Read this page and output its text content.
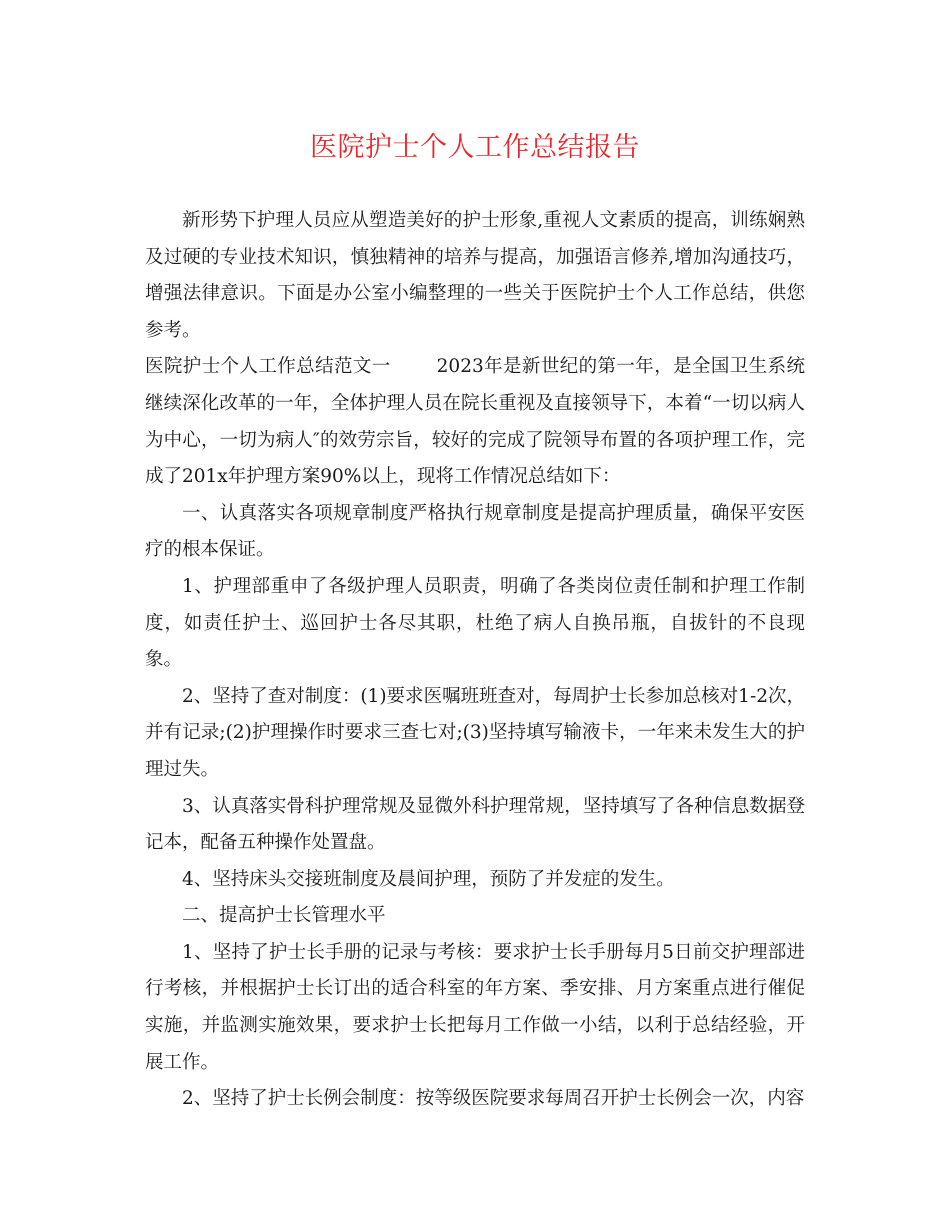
医院护士个人工作总结报告

新形势下护理人员应从塑造美好的护士形象,重视人文素质的提高，训练娴熟及过硬的专业技术知识，慎独精神的培养与提高，加强语言修养,增加沟通技巧，增强法律意识。下面是办公室小编整理的一些关于医院护士个人工作总结，供您参考。

医院护士个人工作总结范文一 2023年是新世纪的第一年，是全国卫生系统继续深化改革的一年，全体护理人员在院长重视及直接领导下，本着“一切以病人为中心，一切为病人″的效劳宗旨，较好的完成了院领导布置的各项护理工作，完成了201x年护理方案90%以上，现将工作情况总结如下：

一、认真落实各项规章制度严格执行规章制度是提高护理质量，确保平安医疗的根本保证。

1、护理部重申了各级护理人员职责，明确了各类岗位责任制和护理工作制度，如责任护士、巡回护士各尽其职，杜绝了病人自换吊瓶，自拔针的不良现象。

2、坚持了查对制度：(1)要求医嘱班班查对，每周护士长参加总核对1-2次，并有记录;(2)护理操作时要求三查七对;(3)坚持填写输液卡，一年来未发生大的护理过失。

3、认真落实骨科护理常规及显微外科护理常规，坚持填写了各种信息数据登记本，配备五种操作处置盘。

4、坚持床头交接班制度及晨间护理，预防了并发症的发生。

二、提高护士长管理水平

1、坚持了护士长手册的记录与考核：要求护士长手册每月5日前交护理部进行考核，并根据护士长订出的适合科室的年方案、季安排、月方案重点进行催促实施，并监测实施效果，要求护士长把每月工作做一小结，以利于总结经验，开展工作。

2、坚持了护士长例会制度：按等级医院要求每周召开护士长例会一次，内容
